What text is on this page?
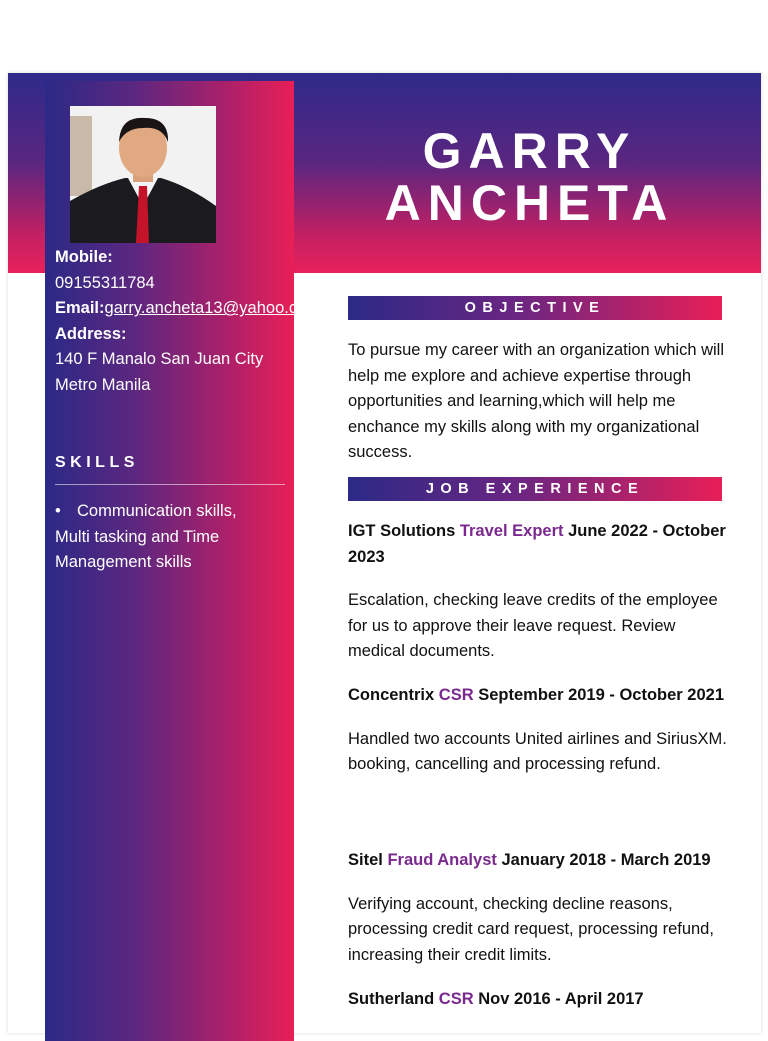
Mobile:
09155311784
Email:garry.ancheta13@yahoo.com
Address:
140 F Manalo San Juan City
Metro Manila
SKILLS
• Communication skills,
Multi tasking and Time
Management skills
GARRY
ANCHETA
OBJECTIVE
To pursue my career with an organization which will help me explore and achieve expertise through opportunities and learning,which will help me enchance my skills along with my organizational success.
JOB EXPERIENCE
IGT Solutions Travel Expert June 2022 - October 2023
Escalation, checking leave credits of the employee for us to approve their leave request. Review medical documents.
Concentrix CSR September 2019 - October 2021
Handled two accounts United airlines and SiriusXM. booking, cancelling and processing refund.
Sitel Fraud Analyst January 2018 - March 2019
Verifying account, checking decline reasons, processing credit card request, processing refund, increasing their credit limits.
Sutherland CSR Nov 2016 - April 2017
